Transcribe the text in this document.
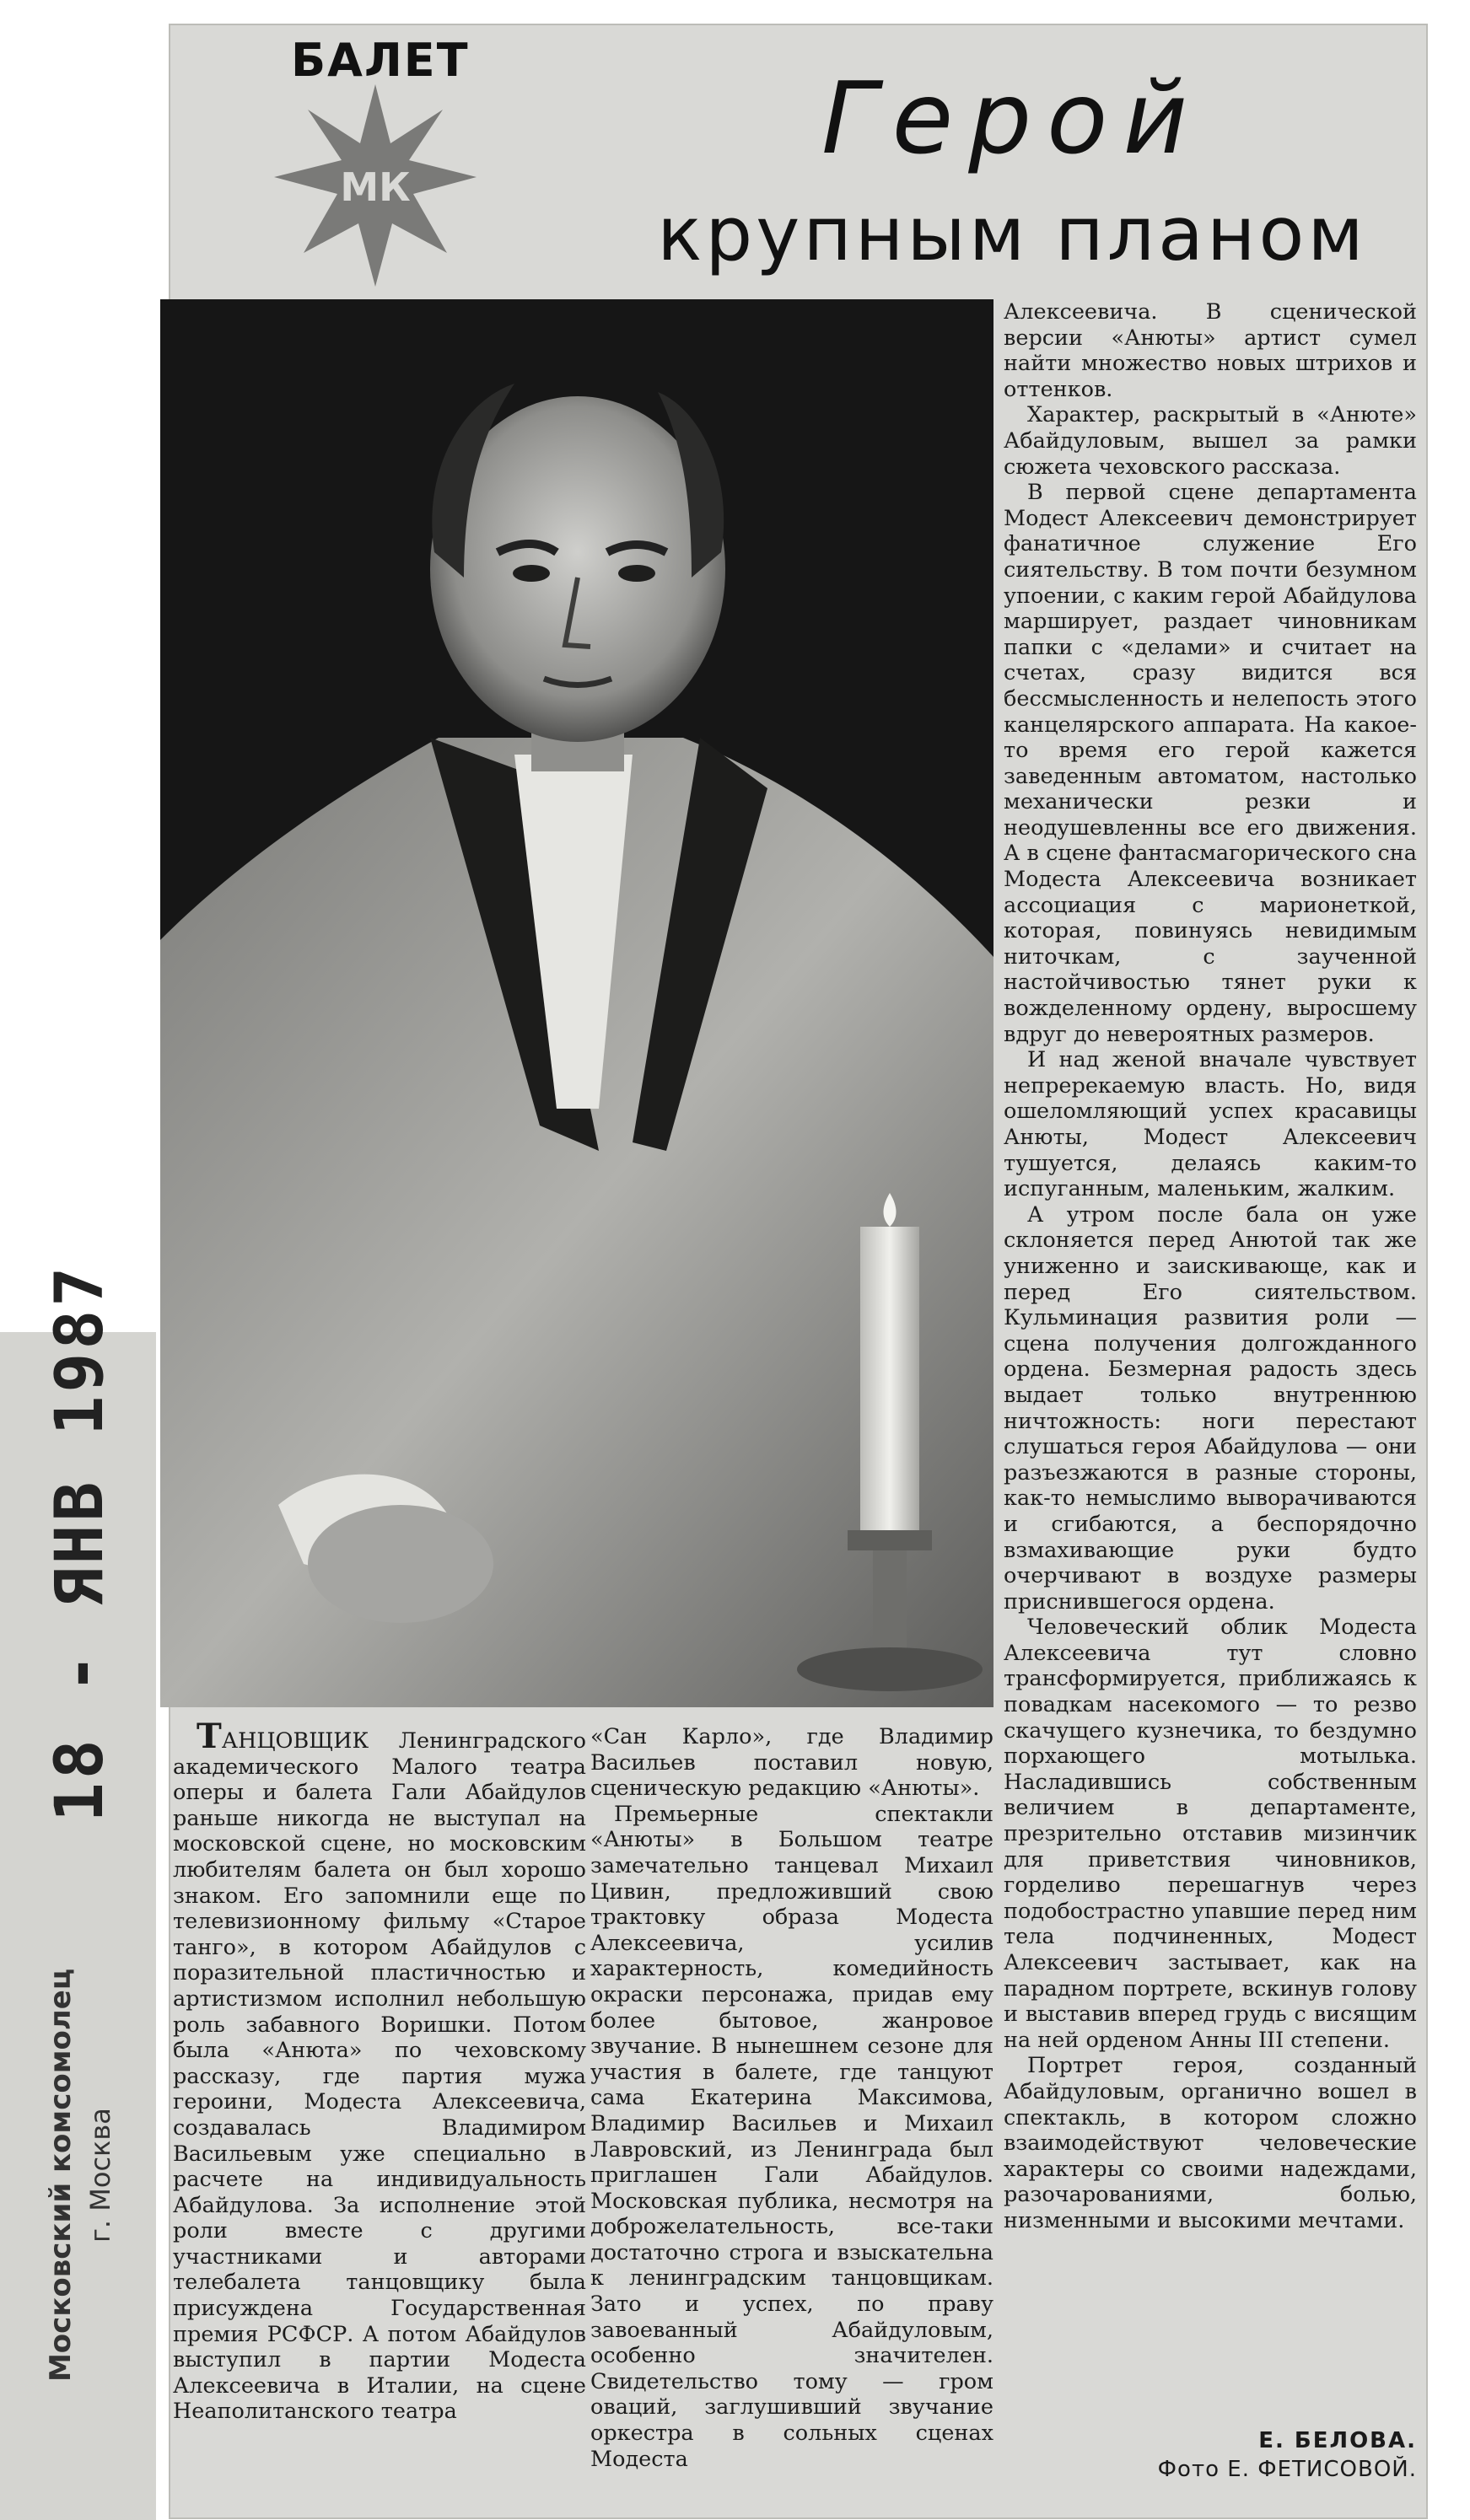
18 - ЯНВ 1987
Московский комсомолец г. Москва
БАЛЕТ
МК
Герой
крупным планом

Алексеевича. В сценической версии «Анюты» артист сумел найти множество новых штрихов и оттенков.

Характер, раскрытый в «Анюте» Абайдуловым, вышел за рамки сюжета чеховского рассказа.

В первой сцене департамента Модест Алексеевич демонстрирует фанатичное служение Его сиятельству. В том почти безумном упоении, с каким герой Абайдулова марширует, раздает чиновникам папки с «делами» и считает на счетах, сразу видится вся бессмысленность и нелепость этого канцелярского аппарата. На какое-то время его герой кажется заведенным автоматом, настолько механически резки и неодушевленны все его движения. А в сцене фантасмагорического сна Модеста Алексеевича возникает ассоциация с марионеткой, которая, повинуясь невидимым ниточкам, с заученной настойчивостью тянет руки к вожделенному ордену, выросшему вдруг до невероятных размеров.

И над женой вначале чувствует непререкаемую власть. Но, видя ошеломляющий успех красавицы Анюты, Модест Алексеевич тушуется, делаясь каким-то испуганным, маленьким, жалким.

А утром после бала он уже склоняется перед Анютой так же униженно и заискивающе, как и перед Его сиятельством. Кульминация развития роли — сцена получения долгожданного ордена. Безмерная радость здесь выдает только внутреннюю ничтожность: ноги перестают слушаться героя Абайдулова — они разъезжаются в разные стороны, как-то немыслимо выворачиваются и сгибаются, а беспорядочно взмахивающие руки будто очерчивают в воздухе размеры приснившегося ордена.

Человеческий облик Модеста Алексеевича тут словно трансформируется, приближаясь к повадкам насекомого — то резво скачущего кузнечика, то бездумно порхающего мотылька. Насладившись собственным величием в департаменте, презрительно отставив мизинчик для приветствия чиновников, горделиво перешагнув через подобострастно упавшие перед ним тела подчиненных, Модест Алексеевич застывает, как на парадном портрете, вскинув голову и выставив вперед грудь с висящим на ней орденом Анны III степени.

Портрет героя, созданный Абайдуловым, органично вошел в спектакль, в котором сложно взаимодействуют человеческие характеры со своими надеждами, разочарованиями, болью, низменными и высокими мечтами.

ТАНЦОВЩИК Ленинградского академического Малого театра оперы и балета Гали Абайдулов раньше никогда не выступал на московской сцене, но московским любителям балета он был хорошо знаком. Его запомнили еще по телевизионному фильму «Старое танго», в котором Абайдулов с поразительной пластичностью и артистизмом исполнил небольшую роль забавного Воришки. Потом была «Анюта» по чеховскому рассказу, где партия мужа героини, Модеста Алексеевича, создавалась Владимиром Васильевым уже специально в расчете на индивидуальность Абайдулова. За исполнение этой роли вместе с другими участниками и авторами телебалета танцовщику была присуждена Государственная премия РСФСР. А потом Абайдулов выступил в партии Модеста Алексеевича в Италии, на сцене Неаполитанского театра

«Сан Карло», где Владимир Васильев поставил новую, сценическую редакцию «Анюты».

Премьерные спектакли «Анюты» в Большом театре замечательно танцевал Михаил Цивин, предложивший свою трактовку образа Модеста Алексеевича, усилив характерность, комедийность окраски персонажа, придав ему более бытовое, жанровое звучание. В нынешнем сезоне для участия в балете, где танцуют сама Екатерина Максимова, Владимир Васильев и Михаил Лавровский, из Ленинграда был приглашен Гали Абайдулов. Московская публика, несмотря на доброжелательность, все-таки достаточно строга и взыскательна к ленинградским танцовщикам. Зато и успех, по праву завоеванный Абайдуловым, особенно значителен. Свидетельство тому — гром оваций, заглушивший звучание оркестра в сольных сценах Модеста

Е. БЕЛОВА.
Фото Е. ФЕТИСОВОЙ.
